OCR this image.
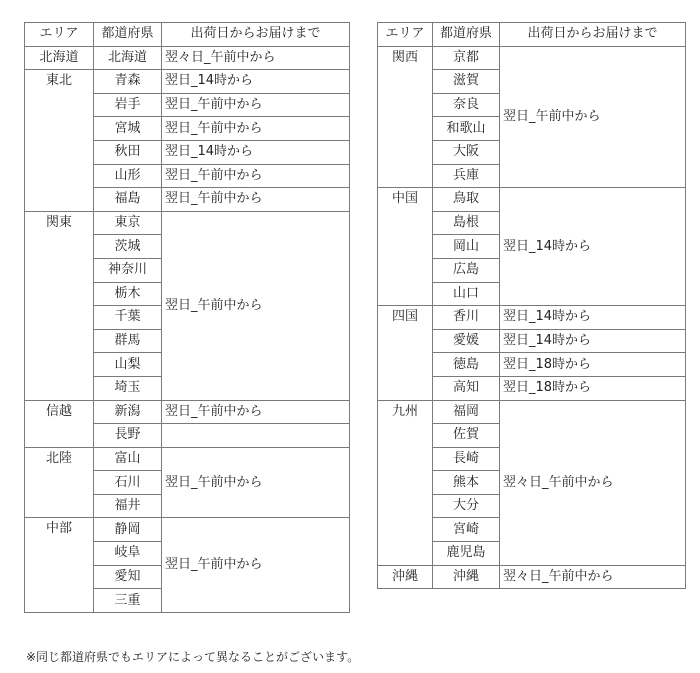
エリア	都道府県	出荷日からお届けまで
北海道	北海道	翌々日_午前中から
東北	青森	翌日_14時から
	岩手	翌日_午前中から
	宮城	翌日_午前中から
	秋田	翌日_14時から
	山形	翌日_午前中から
	福島	翌日_午前中から
関東	東京	翌日_午前中から
	茨城	
	神奈川	
	栃木	
	千葉	
	群馬	
	山梨	
	埼玉	
信越	新潟	翌日_午前中から
	長野	
北陸	富山	翌日_午前中から
	石川	
	福井	
中部	静岡	翌日_午前中から
	岐阜	
	愛知	
	三重	
エリア	都道府県	出荷日からお届けまで
関西	京都	翌日_午前中から
	滋賀	
	奈良	
	和歌山	
	大阪	
	兵庫	
中国	鳥取	翌日_14時から
	島根	
	岡山	
	広島	
	山口	
四国	香川	翌日_14時から
	愛媛	翌日_14時から
	徳島	翌日_18時から
	高知	翌日_18時から
九州	福岡	翌々日_午前中から
	佐賀	
	長崎	
	熊本	
	大分	
	宮崎	
	鹿児島	
沖縄	沖縄	翌々日_午前中から
※同じ都道府県でもエリアによって異なることがございます。
